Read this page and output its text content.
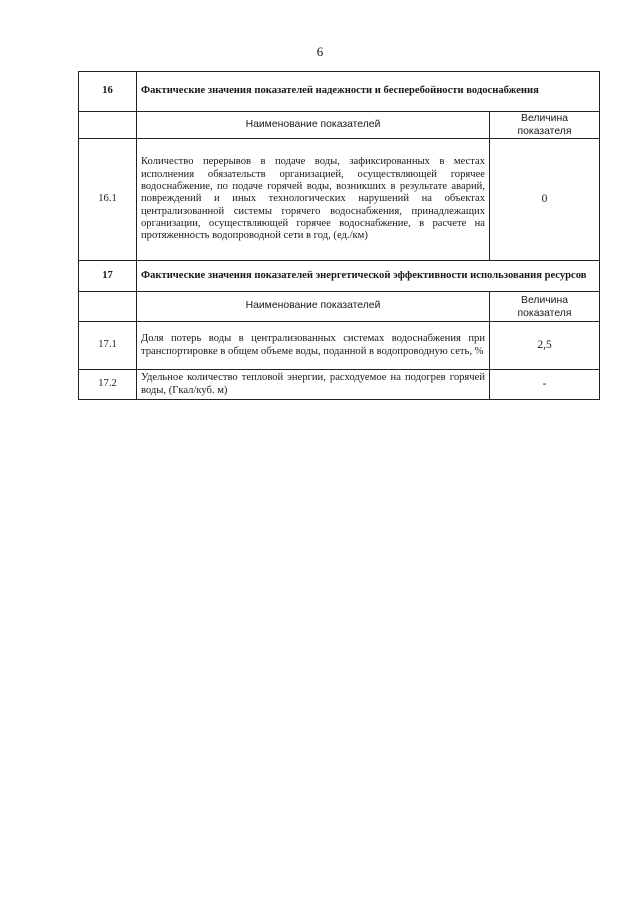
6
16	Фактические значения показателей надежности и бесперебойности водоснабжения	
	Наименование показателей	Величина показателя
16.1	Количество перерывов в подаче воды, зафиксированных в местах исполнения обязательств организацией, осуществляющей горячее водоснабжение, по подаче горячей воды, возникших в результате аварий, повреждений и иных технологических нарушений на объектах централизованной системы горячего водоснабжения, принадлежащих организации, осуществляющей горячее водоснабжение, в расчете на протяженность водопроводной сети в год, (ед./км)	0
17	Фактические значения показателей энергетической эффективности использования ресурсов	
	Наименование показателей	Величина показателя
17.1	Доля потерь воды в централизованных системах водоснабжения при транспортировке в общем объеме воды, поданной в водопроводную сеть, %	2,5
17.2	Удельное количество тепловой энергии, расходуемое на подогрев горячей воды, (Гкал/куб. м)	-
